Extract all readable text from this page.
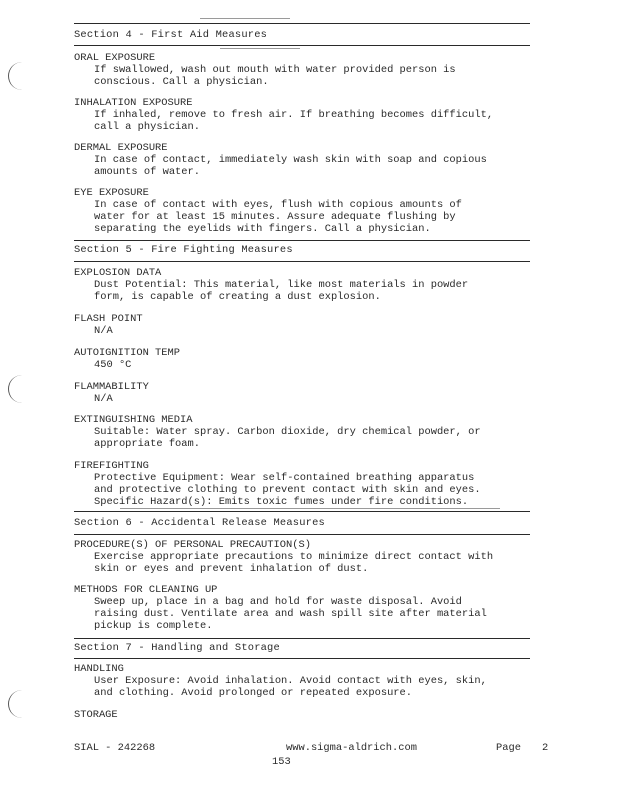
Section 4 - First Aid Measures
ORAL EXPOSURE
If swallowed, wash out mouth with water provided person is
conscious. Call a physician.
INHALATION EXPOSURE
If inhaled, remove to fresh air. If breathing becomes difficult,
call a physician.
DERMAL EXPOSURE
In case of contact, immediately wash skin with soap and copious
amounts of water.
EYE EXPOSURE
In case of contact with eyes, flush with copious amounts of
water for at least 15 minutes. Assure adequate flushing by
separating the eyelids with fingers. Call a physician.
Section 5 - Fire Fighting Measures
EXPLOSION DATA
Dust Potential: This material, like most materials in powder
form, is capable of creating a dust explosion.
FLASH POINT
N/A
AUTOIGNITION TEMP
450 °C
FLAMMABILITY
N/A
EXTINGUISHING MEDIA
Suitable: Water spray. Carbon dioxide, dry chemical powder, or
appropriate foam.
FIREFIGHTING
Protective Equipment: Wear self-contained breathing apparatus
and protective clothing to prevent contact with skin and eyes.
Specific Hazard(s): Emits toxic fumes under fire conditions.
Section 6 - Accidental Release Measures
PROCEDURE(S) OF PERSONAL PRECAUTION(S)
Exercise appropriate precautions to minimize direct contact with
skin or eyes and prevent inhalation of dust.
METHODS FOR CLEANING UP
Sweep up, place in a bag and hold for waste disposal. Avoid
raising dust. Ventilate area and wash spill site after material
pickup is complete.
Section 7 - Handling and Storage
HANDLING
User Exposure: Avoid inhalation. Avoid contact with eyes, skin,
and clothing. Avoid prolonged or repeated exposure.
STORAGE
SIAL - 242268	www.sigma-aldrich.com	Page 2
153
